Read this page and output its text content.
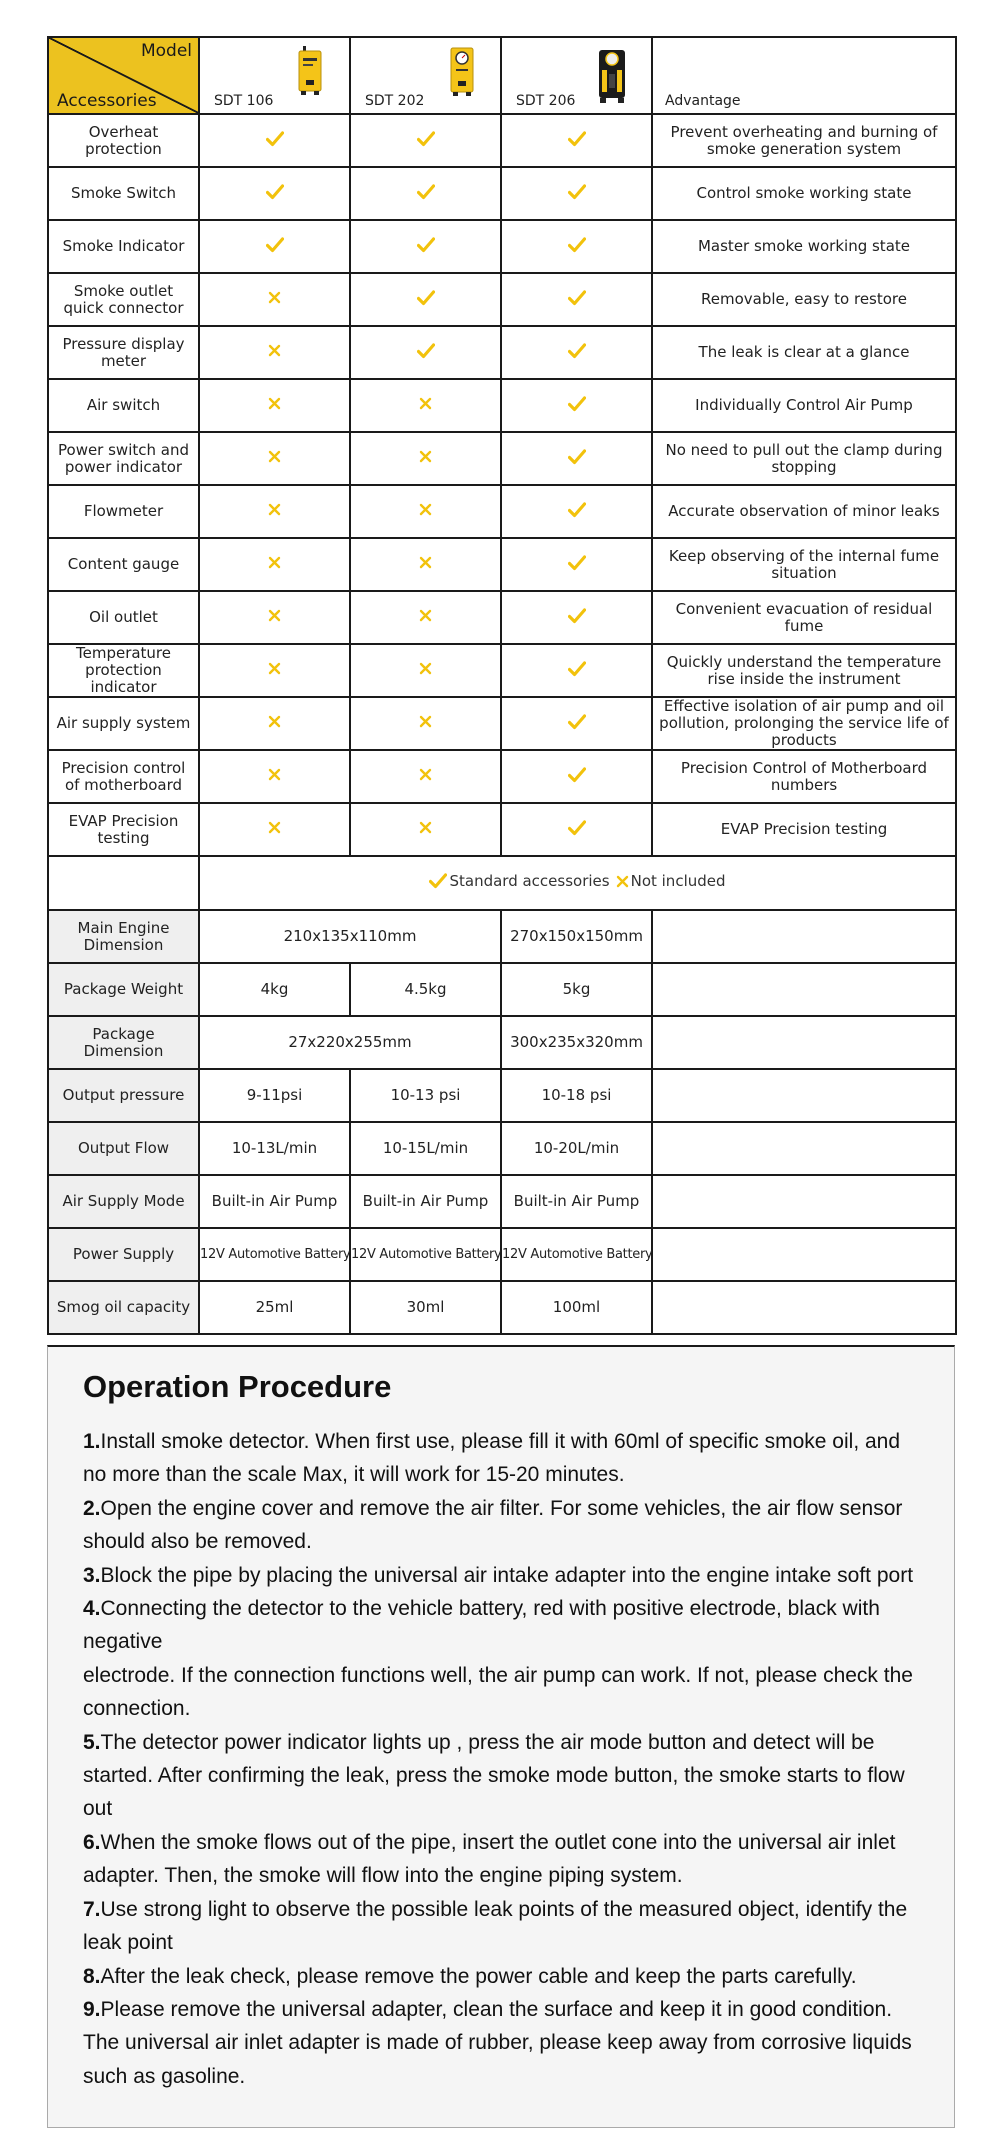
Model
Accessories	SDT 106	SDT 202	SDT 206	Advantage

Overheat protection				Prevent overheating and burning of smoke generation system
Smoke Switch				Control smoke working state
Smoke Indicator				Master smoke working state
Smoke outlet quick connector				Removable, easy to restore
Pressure display meter				The leak is clear at a glance
Air switch				Individually Control Air Pump
Power switch and power indicator				No need to pull out the clamp during stopping
Flowmeter				Accurate observation of minor leaks
Content gauge				Keep observing of the internal fume situation
Oil outlet				Convenient evacuation of residual fume
Temperature protection indicator				Quickly understand the temperature rise inside the instrument
Air supply system				Effective isolation of air pump and oil pollution, prolonging the service life of products
Precision control of motherboard				Precision Control of Motherboard numbers
EVAP Precision testing				EVAP Precision testing

	Standard accessories Not included			

Main Engine Dimension	210x135x110mm		270x150x150mm	
Package Weight	4kg	4.5kg	5kg	
Package Dimension	27x220x255mm		300x235x320mm	
Output pressure	9-11psi	10-13 psi	10-18 psi	
Output Flow	10-13L/min	10-15L/min	10-20L/min	
Air Supply Mode	Built-in Air Pump	Built-in Air Pump	Built-in Air Pump	
Power Supply	12V Automotive Battery	12V Automotive Battery	12V Automotive Battery	
Smog oil capacity	25ml	30ml	100ml	
Operation Procedure

1.Install smoke detector. When first use, please fill it with 60ml of specific smoke oil, and no more than the scale Max, it will work for 15-20 minutes.

2.Open the engine cover and remove the air filter. For some vehicles, the air flow sensor should also be removed.

3.Block the pipe by placing the universal air intake adapter into the engine intake soft port

4.Connecting the detector to the vehicle battery, red with positive electrode, black with negative

electrode. If the connection functions well, the air pump can work. If not, please check the connection.

5.The detector power indicator lights up , press the air mode button and detect will be started. After confirming the leak, press the smoke mode button, the smoke starts to flow out

6.When the smoke flows out of the pipe, insert the outlet cone into the universal air inlet adapter. Then, the smoke will flow into the engine piping system.

7.Use strong light to observe the possible leak points of the measured object, identify the leak point

8.After the leak check, please remove the power cable and keep the parts carefully.

9.Please remove the universal adapter, clean the surface and keep it in good condition. The universal air inlet adapter is made of rubber, please keep away from corrosive liquids such as gasoline.
